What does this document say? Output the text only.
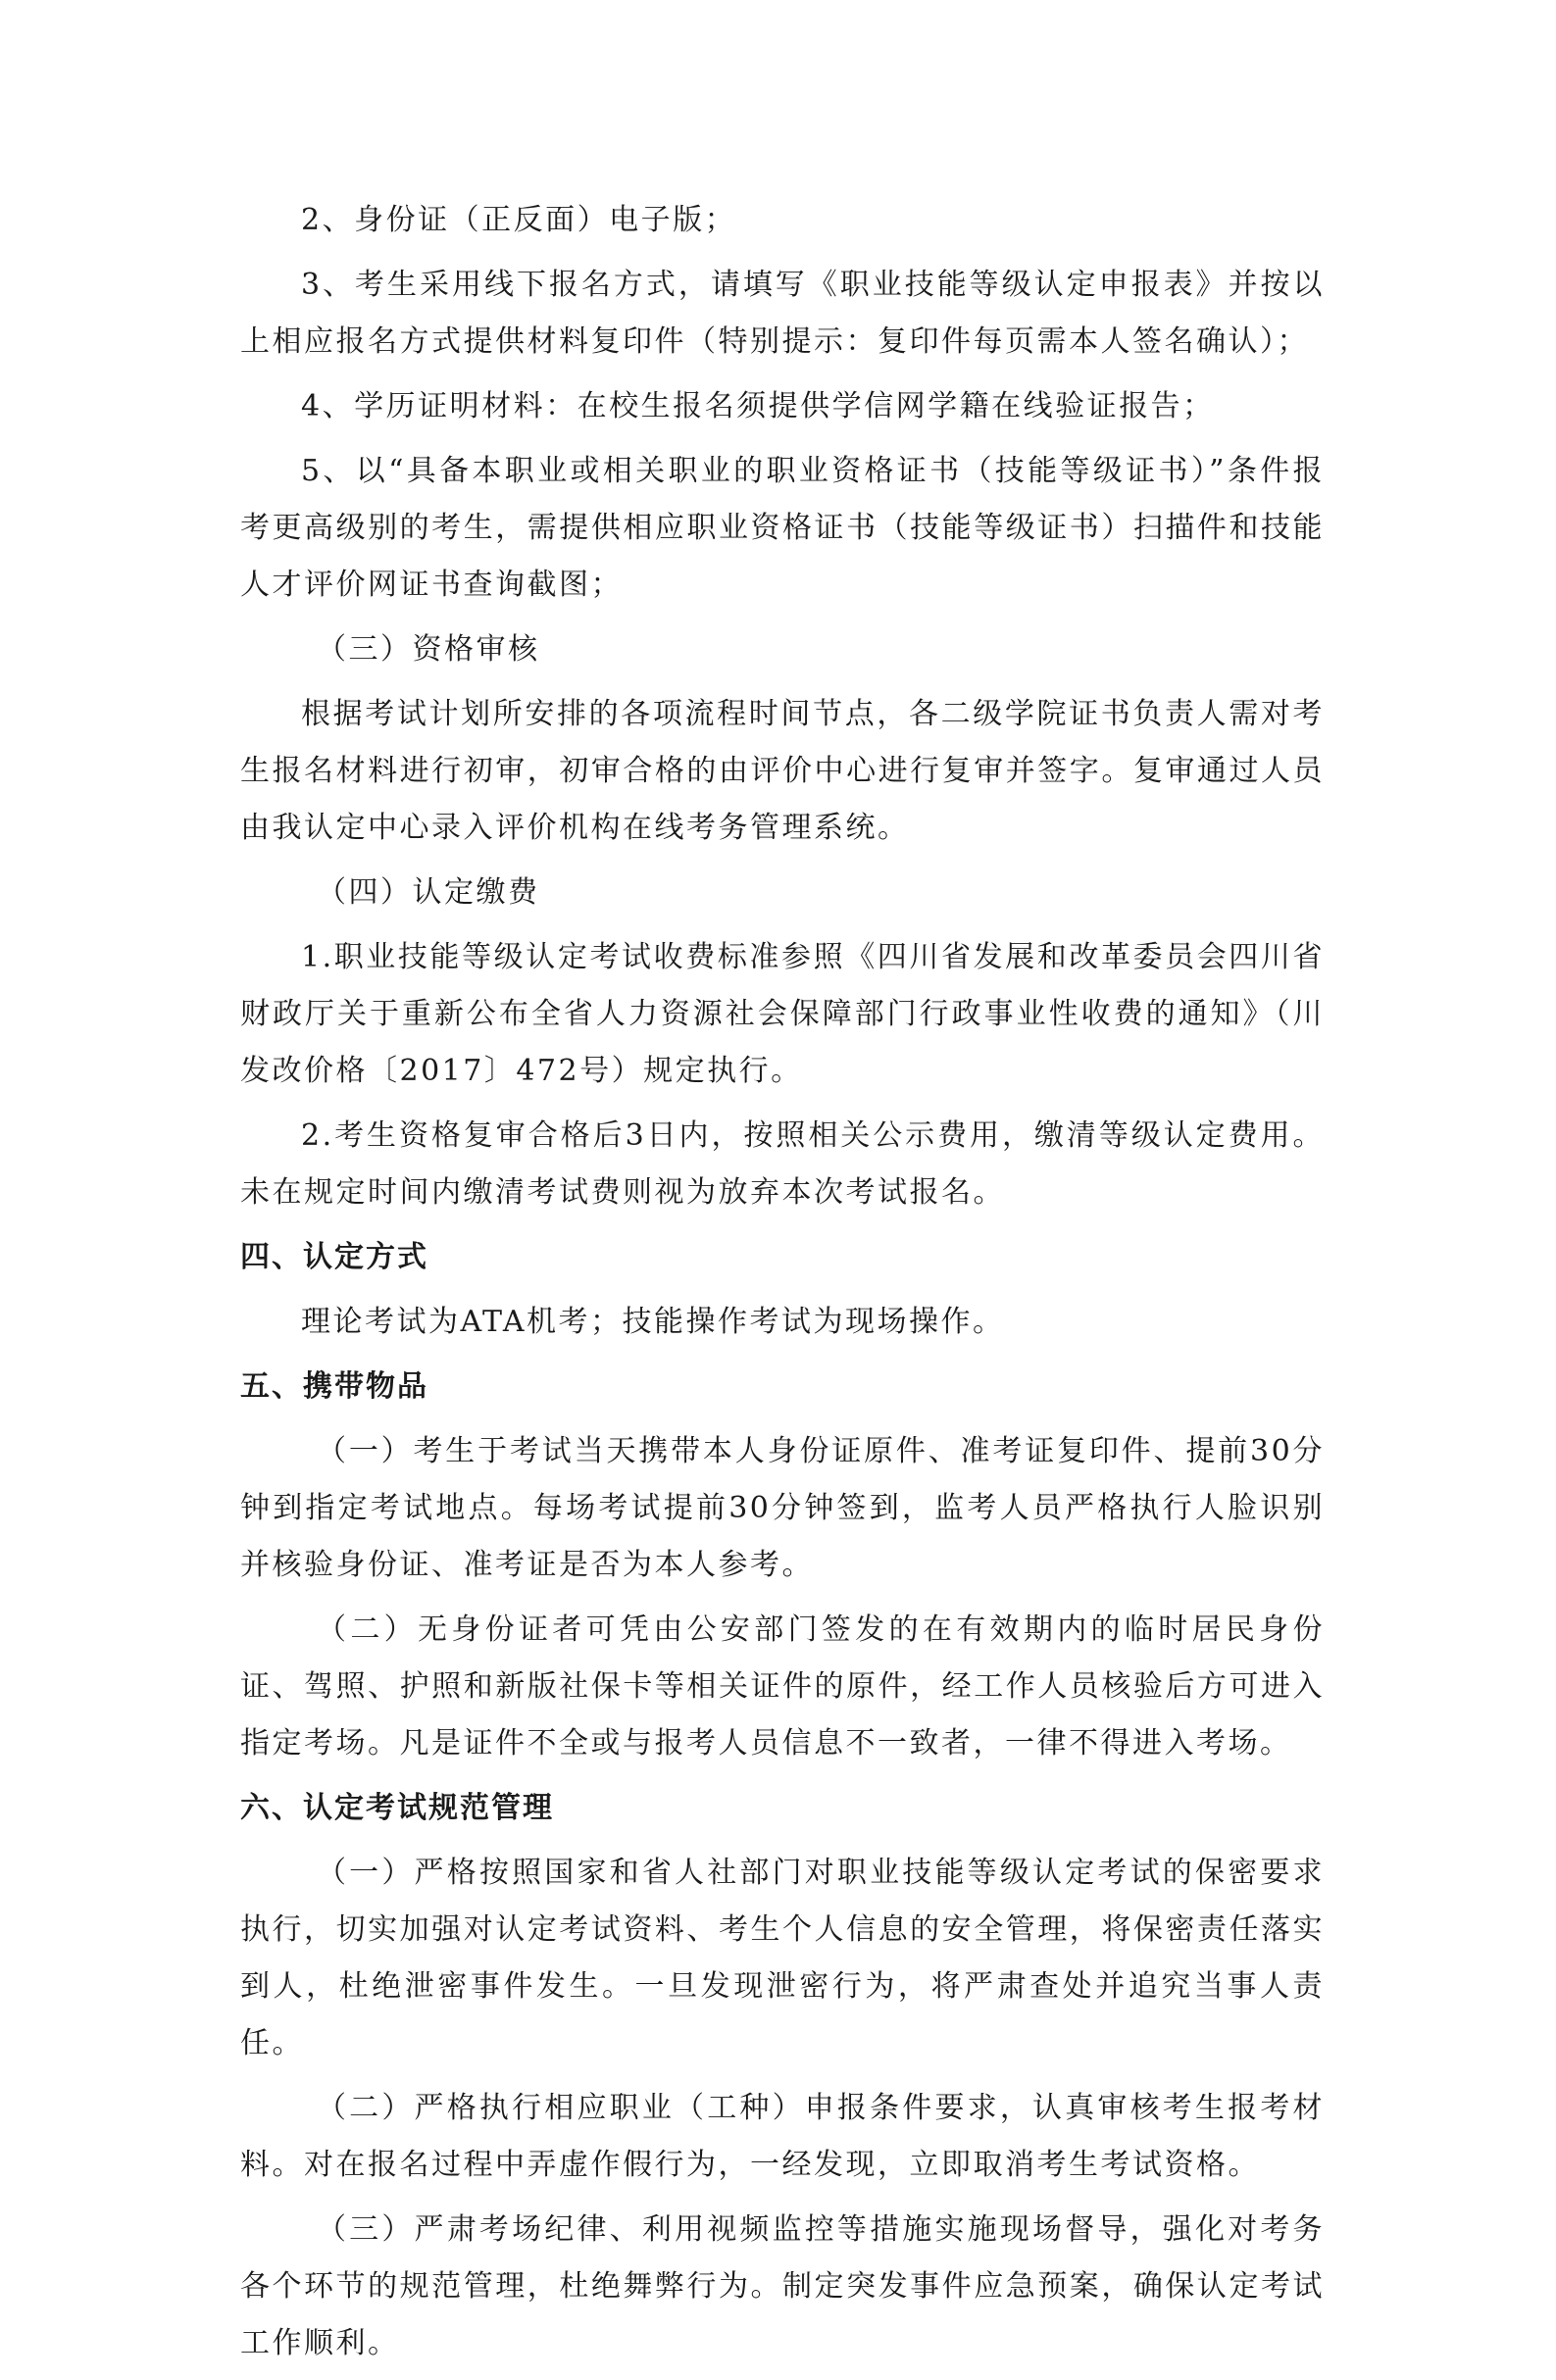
2、身份证（正反面）电子版；

3、考生采用线下报名方式，请填写《职业技能等级认定申报表》并按以上相应报名方式提供材料复印件（特别提示：复印件每页需本人签名确认）；

4、学历证明材料：在校生报名须提供学信网学籍在线验证报告；

5、以“具备本职业或相关职业的职业资格证书（技能等级证书）”条件报考更高级别的考生，需提供相应职业资格证书（技能等级证书）扫描件和技能人才评价网证书查询截图；

（三）资格审核

根据考试计划所安排的各项流程时间节点，各二级学院证书负责人需对考生报名材料进行初审，初审合格的由评价中心进行复审并签字。复审通过人员由我认定中心录入评价机构在线考务管理系统。

（四）认定缴费

1.职业技能等级认定考试收费标准参照《四川省发展和改革委员会四川省财政厅关于重新公布全省人力资源社会保障部门行政事业性收费的通知》（川发改价格〔2017〕472号）规定执行。

2.考生资格复审合格后3日内，按照相关公示费用，缴清等级认定费用。未在规定时间内缴清考试费则视为放弃本次考试报名。

四、认定方式

理论考试为ATA机考；技能操作考试为现场操作。

五、携带物品

（一）考生于考试当天携带本人身份证原件、准考证复印件、提前30分钟到指定考试地点。每场考试提前30分钟签到，监考人员严格执行人脸识别并核验身份证、准考证是否为本人参考。

（二）无身份证者可凭由公安部门签发的在有效期内的临时居民身份证、驾照、护照和新版社保卡等相关证件的原件，经工作人员核验后方可进入指定考场。凡是证件不全或与报考人员信息不一致者，一律不得进入考场。

六、认定考试规范管理

（一）严格按照国家和省人社部门对职业技能等级认定考试的保密要求执行，切实加强对认定考试资料、考生个人信息的安全管理，将保密责任落实到人，杜绝泄密事件发生。一旦发现泄密行为，将严肃查处并追究当事人责任。

（二）严格执行相应职业（工种）申报条件要求，认真审核考生报考材料。对在报名过程中弄虚作假行为，一经发现，立即取消考生考试资格。

（三）严肃考场纪律、利用视频监控等措施实施现场督导，强化对考务各个环节的规范管理，杜绝舞弊行为。制定突发事件应急预案，确保认定考试工作顺利。
